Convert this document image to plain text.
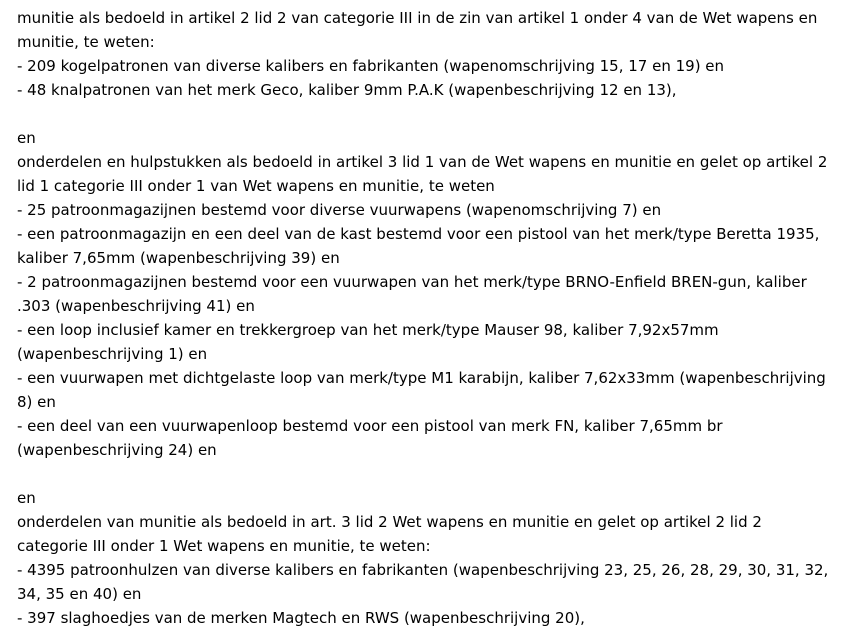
munitie als bedoeld in artikel 2 lid 2 van categorie III in de zin van artikel 1 onder 4 van de Wet wapens en munitie, te weten:

- 209 kogelpatronen van diverse kalibers en fabrikanten (wapenomschrijving 15, 17 en 19) en

- 48 knalpatronen van het merk Geco, kaliber 9mm P.A.K (wapenbeschrijving 12 en 13),

en

onderdelen en hulpstukken als bedoeld in artikel 3 lid 1 van de Wet wapens en munitie en gelet op artikel 2 lid 1 categorie III onder 1 van Wet wapens en munitie, te weten

- 25 patroonmagazijnen bestemd voor diverse vuurwapens (wapenomschrijving 7) en

- een patroonmagazijn en een deel van de kast bestemd voor een pistool van het merk/type Beretta 1935, kaliber 7,65mm (wapenbeschrijving 39) en

- 2 patroonmagazijnen bestemd voor een vuurwapen van het merk/type BRNO-Enfield BREN-gun, kaliber .303 (wapenbeschrijving 41) en

- een loop inclusief kamer en trekkergroep van het merk/type Mauser 98, kaliber 7,92x57mm (wapenbeschrijving 1) en

- een vuurwapen met dichtgelaste loop van merk/type M1 karabijn, kaliber 7,62x33mm (wapenbeschrijving 8) en

- een deel van een vuurwapenloop bestemd voor een pistool van merk FN, kaliber 7,65mm br (wapenbeschrijving 24) en

en

onderdelen van munitie als bedoeld in art. 3 lid 2 Wet wapens en munitie en gelet op artikel 2 lid 2 categorie III onder 1 Wet wapens en munitie, te weten:

- 4395 patroonhulzen van diverse kalibers en fabrikanten (wapenbeschrijving 23, 25, 26, 28, 29, 30, 31, 32, 34, 35 en 40) en

- 397 slaghoedjes van de merken Magtech en RWS (wapenbeschrijving 20),
